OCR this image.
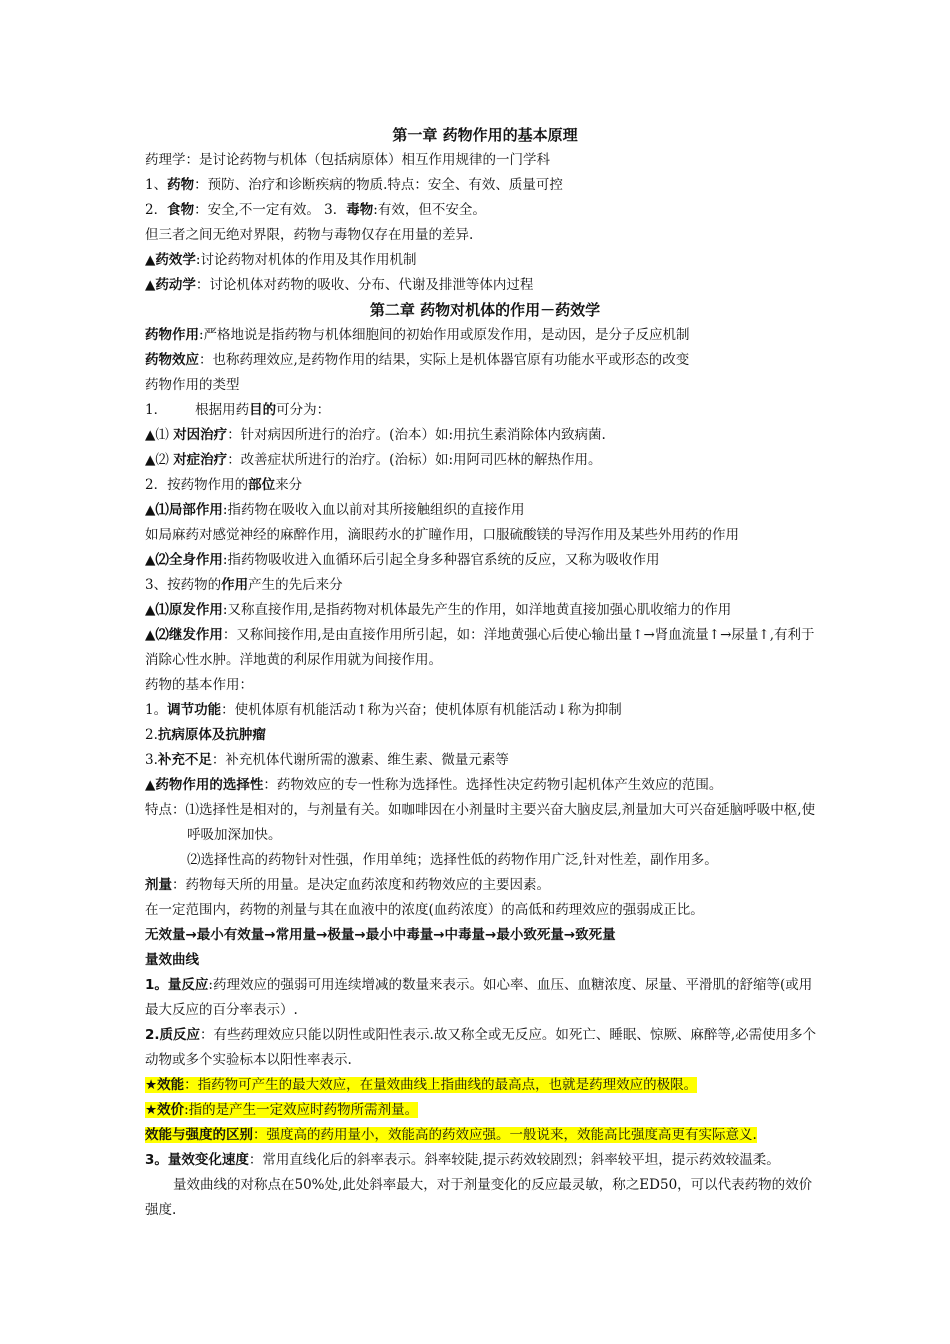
第一章 药物作用的基本原理
药理学：是讨论药物与机体（包括病原体）相互作用规律的一门学科
1、药物：预防、治疗和诊断疾病的物质.特点：安全、有效、质量可控
2．食物：安全,不一定有效。 3．毒物:有效，但不安全。
但三者之间无绝对界限，药物与毒物仅存在用量的差异.
▲药效学:讨论药物对机体的作用及其作用机制
▲药动学：讨论机体对药物的吸收、分布、代谢及排泄等体内过程
第二章 药物对机体的作用－药效学
药物作用:严格地说是指药物与机体细胞间的初始作用或原发作用，是动因，是分子反应机制
药物效应：也称药理效应,是药物作用的结果，实际上是机体器官原有功能水平或形态的改变
药物作用的类型
1． 根据用药目的可分为：
▲⑴ 对因治疗：针对病因所进行的治疗。(治本）如:用抗生素消除体内致病菌.
▲⑵ 对症治疗：改善症状所进行的治疗。(治标）如:用阿司匹林的解热作用。
2．按药物作用的部位来分
▲⑴局部作用:指药物在吸收入血以前对其所接触组织的直接作用
如局麻药对感觉神经的麻醉作用，滴眼药水的扩瞳作用，口服硫酸镁的导泻作用及某些外用药的作用
▲⑵全身作用:指药物吸收进入血循环后引起全身多种器官系统的反应，又称为吸收作用
3、按药物的作用产生的先后来分
▲⑴原发作用:又称直接作用,是指药物对机体最先产生的作用，如洋地黄直接加强心肌收缩力的作用
▲⑵继发作用：又称间接作用,是由直接作用所引起，如：洋地黄强心后使心输出量↑→肾血流量↑→尿量↑,有利于消除心性水肿。洋地黄的利尿作用就为间接作用。
药物的基本作用：
1。调节功能：使机体原有机能活动↑称为兴奋；使机体原有机能活动↓称为抑制
2.抗病原体及抗肿瘤
3.补充不足：补充机体代谢所需的激素、维生素、微量元素等
▲药物作用的选择性：药物效应的专一性称为选择性。选择性决定药物引起机体产生效应的范围。
特点：⑴选择性是相对的，与剂量有关。如咖啡因在小剂量时主要兴奋大脑皮层,剂量加大可兴奋延脑呼吸中枢,使呼吸加深加快。
⑵选择性高的药物针对性强，作用单纯；选择性低的药物作用广泛,针对性差，副作用多。
剂量：药物每天所的用量。是决定血药浓度和药物效应的主要因素。
在一定范围内，药物的剂量与其在血液中的浓度(血药浓度）的高低和药理效应的强弱成正比。
无效量→最小有效量→常用量→极量→最小中毒量→中毒量→最小致死量→致死量
量效曲线
1。量反应:药理效应的强弱可用连续增减的数量来表示。如心率、血压、血糖浓度、尿量、平滑肌的舒缩等(或用最大反应的百分率表示）.
2.质反应：有些药理效应只能以阴性或阳性表示.故又称全或无反应。如死亡、睡眠、惊厥、麻醉等,必需使用多个动物或多个实验标本以阳性率表示.
★效能：指药物可产生的最大效应，在量效曲线上指曲线的最高点，也就是药理效应的极限。
★效价:指的是产生一定效应时药物所需剂量。
效能与强度的区别：强度高的药用量小，效能高的药效应强。一般说来，效能高比强度高更有实际意义.
3。量效变化速度：常用直线化后的斜率表示。斜率较陡,提示药效较剧烈；斜率较平坦，提示药效较温柔。
量效曲线的对称点在50%处,此处斜率最大，对于剂量变化的反应最灵敏，称之ED50，可以代表药物的效价强度.
